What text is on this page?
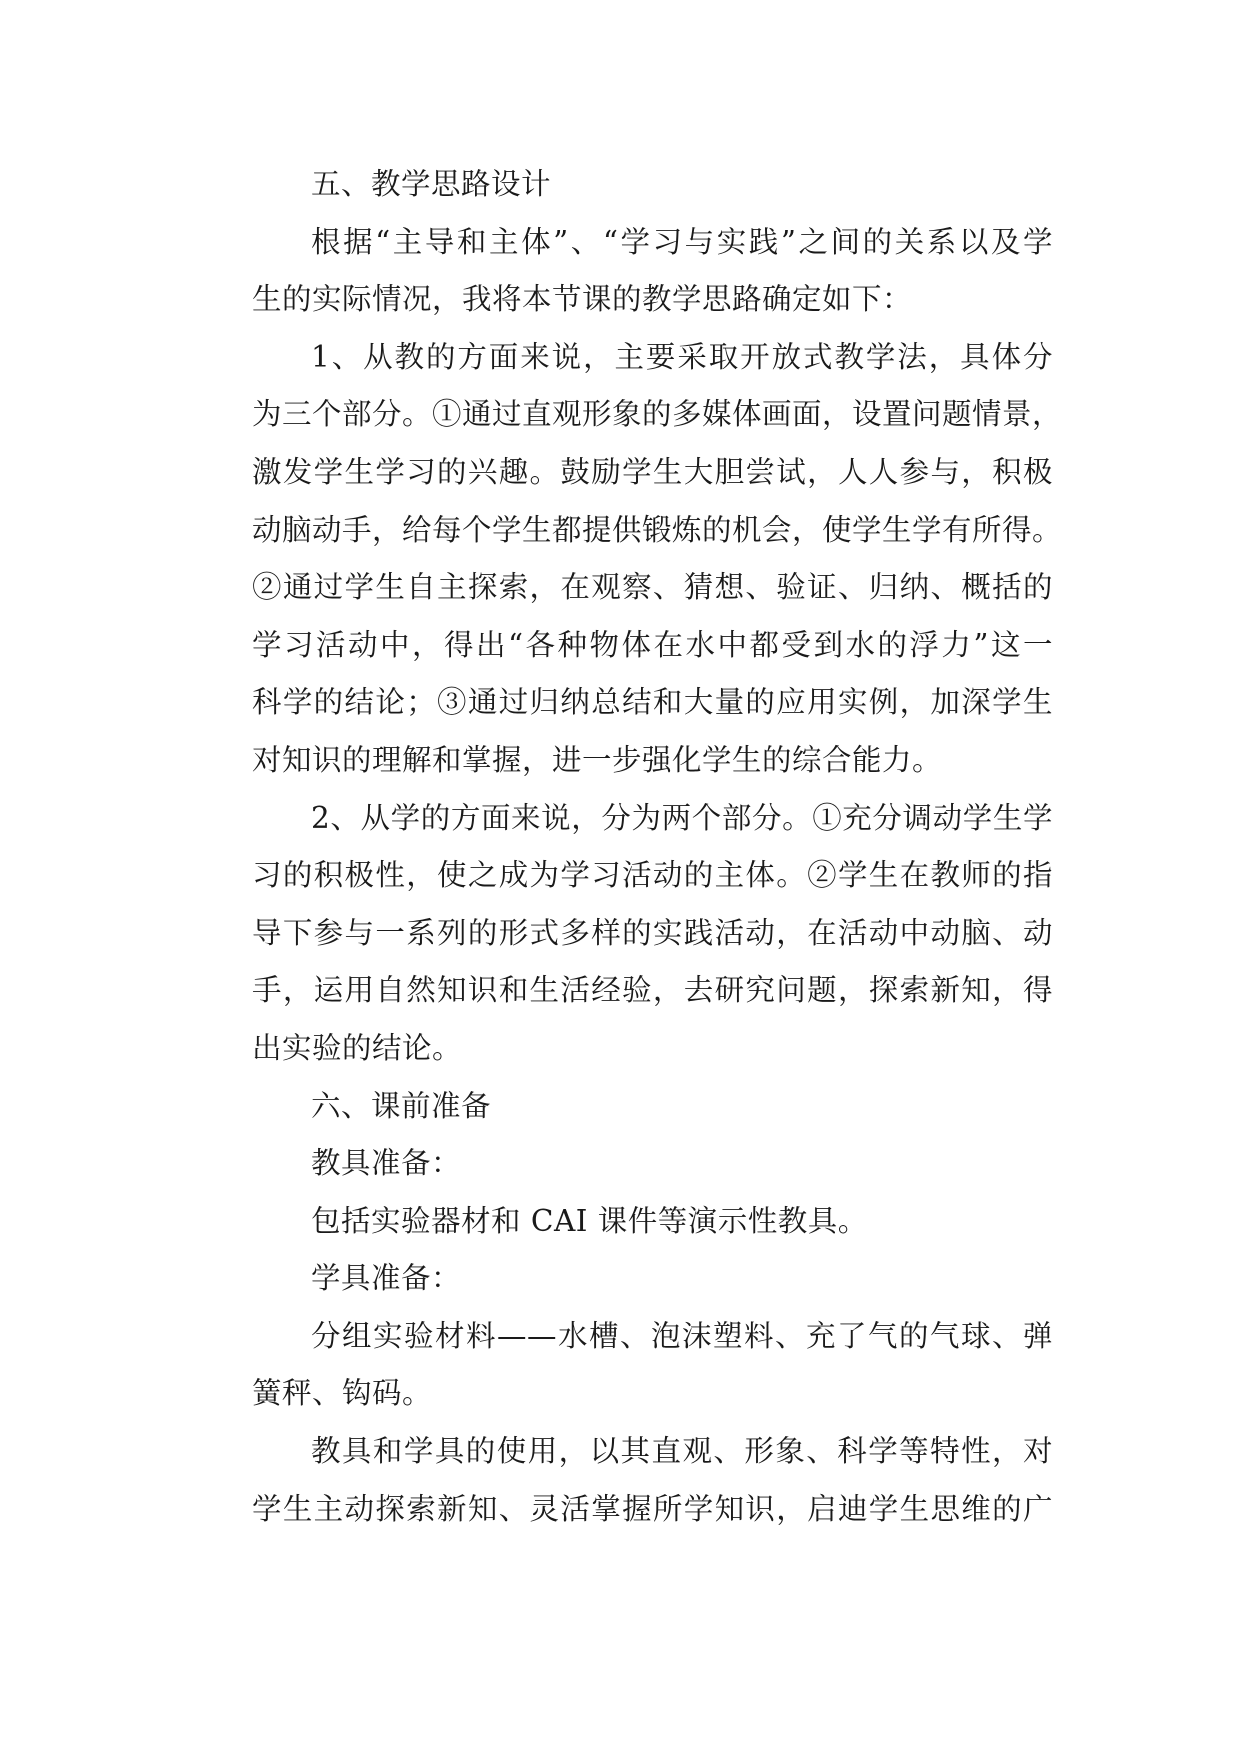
五、教学思路设计
根据“主导和主体”、“学习与实践”之间的关系以及学
生的实际情况，我将本节课的教学思路确定如下：
1、从教的方面来说，主要采取开放式教学法，具体分
为三个部分。①通过直观形象的多媒体画面，设置问题情景，
激发学生学习的兴趣。鼓励学生大胆尝试，人人参与，积极
动脑动手，给每个学生都提供锻炼的机会，使学生学有所得。
②通过学生自主探索，在观察、猜想、验证、归纳、概括的
学习活动中，得出“各种物体在水中都受到水的浮力”这一
科学的结论；③通过归纳总结和大量的应用实例，加深学生
对知识的理解和掌握，进一步强化学生的综合能力。
2、从学的方面来说，分为两个部分。①充分调动学生学
习的积极性，使之成为学习活动的主体。②学生在教师的指
导下参与一系列的形式多样的实践活动，在活动中动脑、动
手，运用自然知识和生活经验，去研究问题，探索新知，得
出实验的结论。
六、课前准备
教具准备：
包括实验器材和 CAI 课件等演示性教具。
学具准备：
分组实验材料——水槽、泡沫塑料、充了气的气球、弹
簧秤、钩码。
教具和学具的使用，以其直观、形象、科学等特性，对
学生主动探索新知、灵活掌握所学知识，启迪学生思维的广
